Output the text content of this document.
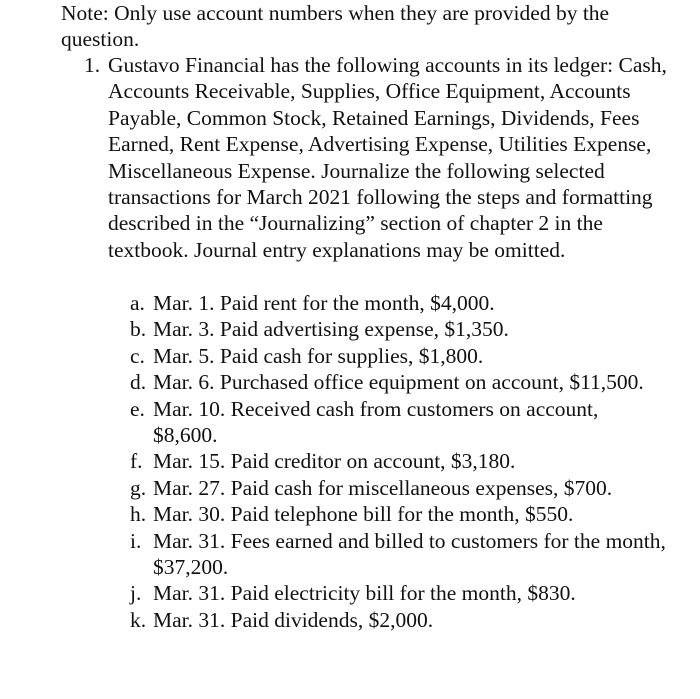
Note: Only use account numbers when they are provided by the question.

1. Gustavo Financial has the following accounts in its ledger: Cash, Accounts Receivable, Supplies, Office Equipment, Accounts Payable, Common Stock, Retained Earnings, Dividends, Fees Earned, Rent Expense, Advertising Expense, Utilities Expense, Miscellaneous Expense. Journalize the following selected transactions for March 2021 following the steps and formatting described in the “Journalizing” section of chapter 2 in the textbook. Journal entry explanations may be omitted.

a. Mar. 1. Paid rent for the month, $4,000.
b. Mar. 3. Paid advertising expense, $1,350.
c. Mar. 5. Paid cash for supplies, $1,800.
d. Mar. 6. Purchased office equipment on account, $11,500.
e. Mar. 10. Received cash from customers on account, $8,600.
f. Mar. 15. Paid creditor on account, $3,180.
g. Mar. 27. Paid cash for miscellaneous expenses, $700.
h. Mar. 30. Paid telephone bill for the month, $550.
i. Mar. 31. Fees earned and billed to customers for the month, $37,200.
j. Mar. 31. Paid electricity bill for the month, $830.
k. Mar. 31. Paid dividends, $2,000.
